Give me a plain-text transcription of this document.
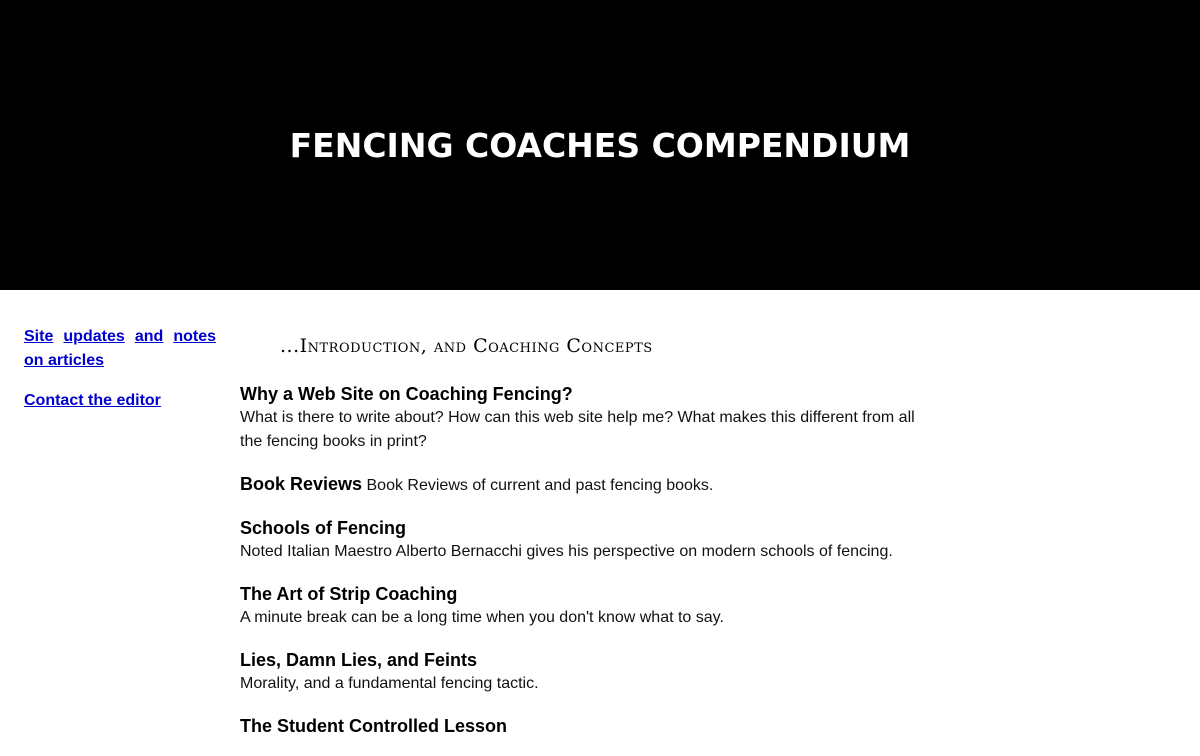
FENCING COACHES COMPENDIUM
Site updates and notes
on articles
Contact the editor
...Introduction, and Coaching Concepts
Why a Web Site on Coaching Fencing?
What is there to write about? How can this web site help me? What makes this different from all the fencing books in print?
Book Reviews Book Reviews of current and past fencing books.
Schools of Fencing
Noted Italian Maestro Alberto Bernacchi gives his perspective on modern schools of fencing.
The Art of Strip Coaching
A minute break can be a long time when you don't know what to say.
Lies, Damn Lies, and Feints
Morality, and a fundamental fencing tactic.
The Student Controlled Lesson
